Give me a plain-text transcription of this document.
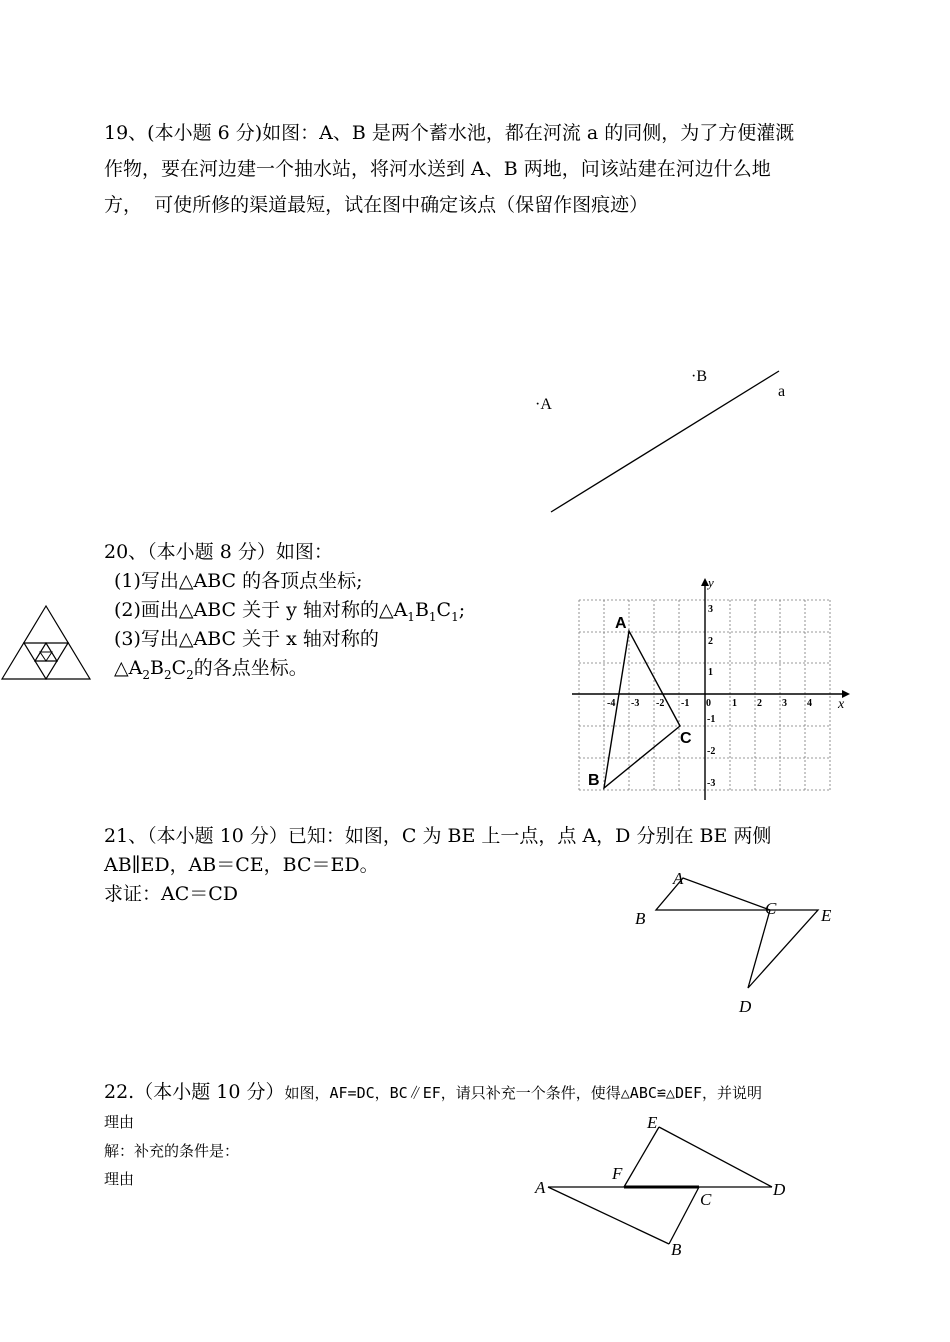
19、(本小题 6 分)如图：A、B 是两个蓄水池，都在河流 a 的同侧，为了方便灌溉
作物，要在河边建一个抽水站，将河水送到 A、B 两地，问该站建在河边什么地
方，  可使所修的渠道最短，试在图中确定该点（保留作图痕迹）
·A
·B
a
20、（本小题 8 分）如图：
(1)写出△ABC 的各顶点坐标;
(2)画出△ABC 关于 y 轴对称的$\triangle A_1B_1C_1$;
(3)写出△ABC 关于 x 轴对称的
$\triangle A_2B_2C_2$的各点坐标。
x
y
-4 -3 -2 -1 0 1 2 3 4
3
2
1
-1
-2
-3
A
B
C
21、（本小题 10 分）已知：如图，C 为 BE 上一点，点 A，D 分别在 BE 两侧
AB∥ED，AB＝CE，BC＝ED。
求证：AC＝CD
A
B
C	E
D
22.（本小题 10 分）如图，AF=DC，BC∥EF，请只补充一个条件，使得△ABC≌△DEF，并说明
理由
解：补充的条件是：
理由	A
F
E
D
C
B
